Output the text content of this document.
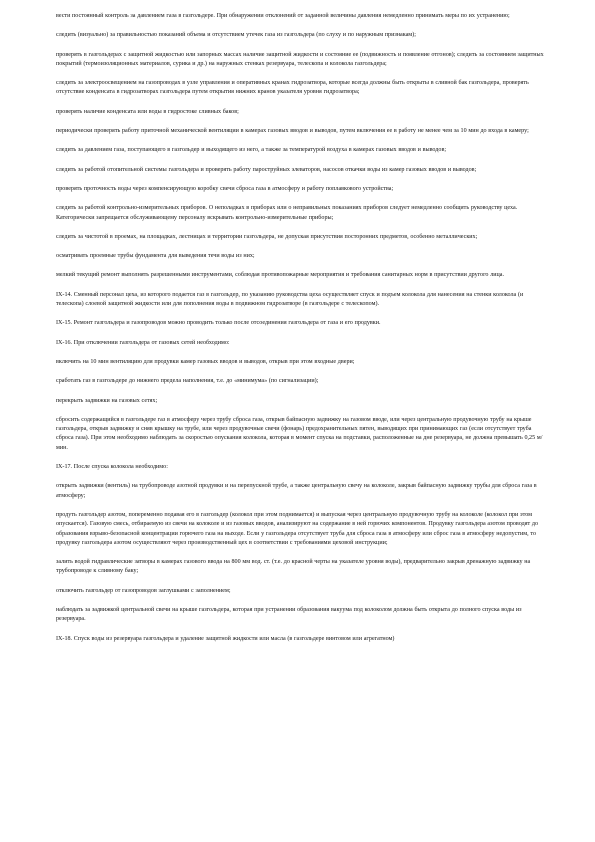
вести постоянный контроль за давлением газа в газгольдере. При обнаружении отклонений от заданной величины давления немедленно принимать меры по их устранению;

следить (визуально) за правильностью показаний объема и отсутствием утечек газа из газгольдера (по слуху и по наружным признакам);

проверять в газгольдерах с защитной жидкостью или запорных массах наличие защитной жидкости и состояние ее (подвижность и появление отгонов); следить за состоянием защитных покрытий (термоизоляционных материалов, сурика и др.) на наружных стенках резервуара, телескопа и колокола газгольдера;

следить за электроосвещением на газопроводах в узле управления и оперативных кранах гидрозатвора, которые всегда должны быть открыты в сливной бак газгольдера, проверять отсутствие конденсата в гидрозатворах газгольдера путем открытия нижних кранов указателя уровня гидрозатвора;

проверять наличие конденсата или воды в гидростоке сливных баков;

периодически проверять работу приточной механической вентиляции в камерах газовых вводов и выводов, путем включения ее в работу не менее чем за 10 мин до входа в камеру;

следить за давлением газа, поступающего в газгольдер и выходящего из него, а также за температурой воздуха в камерах газовых вводов и выводов;

следить за работой отопительной системы газгольдера и проверять работу пароструйных элеваторов, насосов откачки воды из камер газовых вводов и выводов;

проверять проточность воды через компенсирующую коробку свечи сброса газа в атмосферу и работу поплавкового устройства;

следить за работой контрольно-измерительных приборов. О неполадках в приборах или о неправильных показаниях приборов следует немедленно сообщить руководству цеха. Категорически запрещается обслуживающему персоналу вскрывать контрольно-измерительные приборы;

следить за чистотой в проемах, на площадках, лестницах и территории газгольдера, не допуская присутствия посторонних предметов, особенно металлических;

осматривать проемные трубы фундамента для выведения течи воды из них;

мелкий текущий ремонт выполнять разрешенными инструментами, соблюдая противопожарные мероприятия и требования санитарных норм в присутствии другого лица.

IX-14. Сменный персонал цеха, из которого подается газ в газгольдер, по указанию руководства цеха осуществляет спуск и подъем колокола для нанесения на стенки колокола (и телескопа) слоевой защитной жидкости или для пополнения воды в подвижном гидрозатворе (в газгольдере с телескопом).

IX-15. Ремонт газгольдера и газопроводов можно проводить только после отсоединения газгольдера от газа и его продувки.

IX-16. При отключении газгольдера от газовых сетей необходимо:

включить на 10 мин вентиляцию для продувки камер газовых вводов и выводов, открыв при этом входные двери;

сработать газ в газгольдере до нижнего предела наполнения, т.е. до «минимума» (по сигнализации);

перекрыть задвижки на газовых сетях;

сбросить содержащийся в газгольдере газ в атмосферу через трубу сброса газа, открыв байпасную задвижку на газовом вводе, или через центральную продувочную трубу на крыше газгольдера, открыв задвижку и сняв крышку на трубе, или через продувочные свечи (фонарь) предохранительных пятен, выводящих при принимающих газ (если отсутствует труба сброса газа). При этом необходимо наблюдать за скоростью опускания колокола, которая в момент спуска на подставки, расположенные на дне резервуара, не должна превышать 0,25 м/мин.

IX-17. После спуска колокола необходимо:

открыть задвижки (вентиль) на трубопроводе азотной продувки и на перепускной трубе, а также центральную свечу на колоколе, закрыв байпасную задвижку трубы для сброса газа в атмосферу;

продуть газгольдер азотом, попеременно подавая его в газгольдер (колокол при этом поднимается) и выпуская через центральную продувочную трубу на колоколе (колокол при этом опускается). Газовую смесь, отбираемую из свечи на колоколе и из газовых вводов, анализируют на содержание в ней горючих компонентов. Продувку газгольдера азотом проводят до образования взрыво-безопасной концентрации горючего газа на выходе. Если у газгольдера отсутствует труба для сброса газа в атмосферу или сброс газа в атмосферу недопустим, то продувку газгольдера азотом осуществляют через производственный цех в соответствии с требованиями цеховой инструкции;

залить водой гидравлические затворы в камерах газового ввода на 800 мм вод. ст. (т.е. до красной черты на указателе уровня воды), предварительно закрыв дренажную задвижку на трубопроводе к сливному баку;

отключить газгольдер от газопроводов заглушками с заполнением;

наблюдать за задвижкой центральной свечи на крыше газгольдера, которая при устранении образования вакуума под колоколом должна быть открыта до полного спуска воды из резервуара.

IX-18. Спуск воды из резервуара газгольдера и удаление защитной жидкости или масла (в газгольдере винтовом или агрегатном)
